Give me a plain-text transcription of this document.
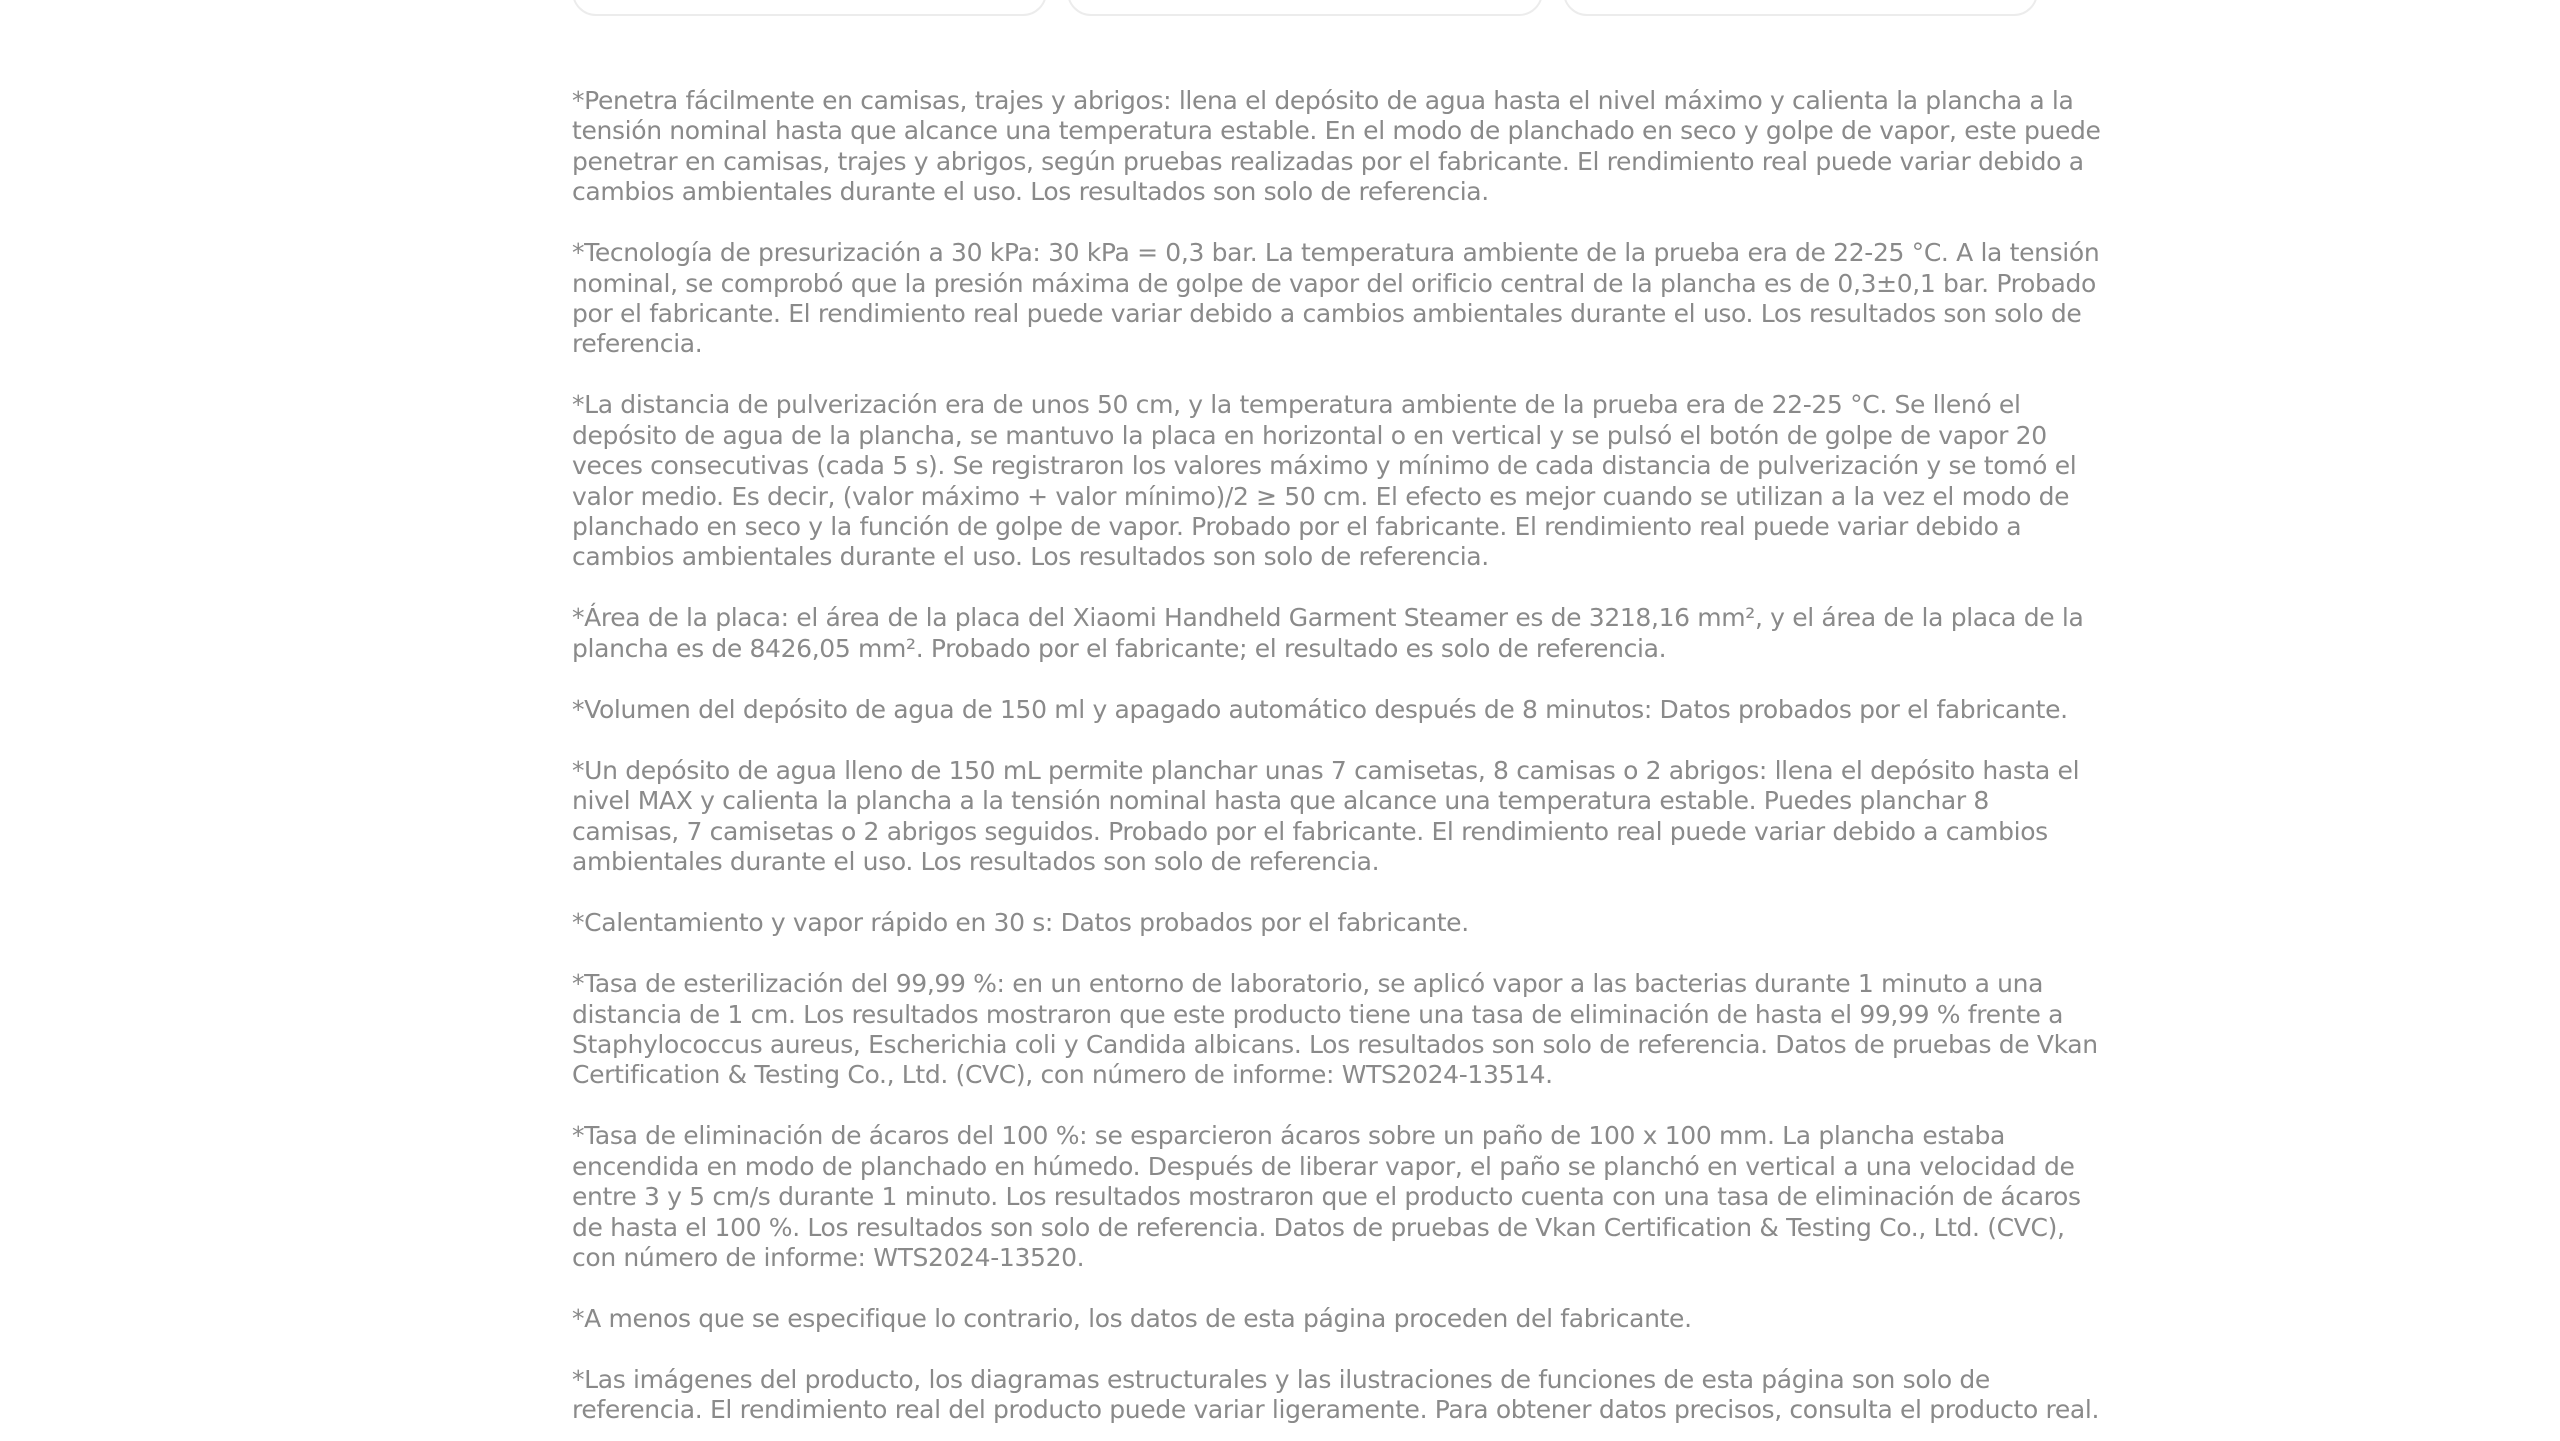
*Penetra fácilmente en camisas, trajes y abrigos: llena el depósito de agua hasta el nivel máximo y calienta la plancha a la tensión nominal hasta que alcance una temperatura estable. En el modo de planchado en seco y golpe de vapor, este puede penetrar en camisas, trajes y abrigos, según pruebas realizadas por el fabricante. El rendimiento real puede variar debido a cambios ambientales durante el uso. Los resultados son solo de referencia.

*Tecnología de presurización a 30 kPa: 30 kPa = 0,3 bar. La temperatura ambiente de la prueba era de 22-25 °C. A la tensión nominal, se comprobó que la presión máxima de golpe de vapor del orificio central de la plancha es de 0,3±0,1 bar. Probado por el fabricante. El rendimiento real puede variar debido a cambios ambientales durante el uso. Los resultados son solo de referencia.

*La distancia de pulverización era de unos 50 cm, y la temperatura ambiente de la prueba era de 22-25 °C. Se llenó el depósito de agua de la plancha, se mantuvo la placa en horizontal o en vertical y se pulsó el botón de golpe de vapor 20 veces consecutivas (cada 5 s). Se registraron los valores máximo y mínimo de cada distancia de pulverización y se tomó el valor medio. Es decir, (valor máximo + valor mínimo)/2 ≥ 50 cm. El efecto es mejor cuando se utilizan a la vez el modo de planchado en seco y la función de golpe de vapor. Probado por el fabricante. El rendimiento real puede variar debido a cambios ambientales durante el uso. Los resultados son solo de referencia.

*Área de la placa: el área de la placa del Xiaomi Handheld Garment Steamer es de 3218,16 mm², y el área de la placa de la plancha es de 8426,05 mm². Probado por el fabricante; el resultado es solo de referencia.

*Volumen del depósito de agua de 150 ml y apagado automático después de 8 minutos: Datos probados por el fabricante.

*Un depósito de agua lleno de 150 mL permite planchar unas 7 camisetas, 8 camisas o 2 abrigos: llena el depósito hasta el nivel MAX y calienta la plancha a la tensión nominal hasta que alcance una temperatura estable. Puedes planchar 8 camisas, 7 camisetas o 2 abrigos seguidos. Probado por el fabricante. El rendimiento real puede variar debido a cambios ambientales durante el uso. Los resultados son solo de referencia.

*Calentamiento y vapor rápido en 30 s: Datos probados por el fabricante.

*Tasa de esterilización del 99,99 %: en un entorno de laboratorio, se aplicó vapor a las bacterias durante 1 minuto a una distancia de 1 cm. Los resultados mostraron que este producto tiene una tasa de eliminación de hasta el 99,99 % frente a Staphylococcus aureus, Escherichia coli y Candida albicans. Los resultados son solo de referencia. Datos de pruebas de Vkan Certification & Testing Co., Ltd. (CVC), con número de informe: WTS2024-13514.

*Tasa de eliminación de ácaros del 100 %: se esparcieron ácaros sobre un paño de 100 x 100 mm. La plancha estaba encendida en modo de planchado en húmedo. Después de liberar vapor, el paño se planchó en vertical a una velocidad de entre 3 y 5 cm/s durante 1 minuto. Los resultados mostraron que el producto cuenta con una tasa de eliminación de ácaros de hasta el 100 %. Los resultados son solo de referencia. Datos de pruebas de Vkan Certification & Testing Co., Ltd. (CVC), con número de informe: WTS2024-13520.

*A menos que se especifique lo contrario, los datos de esta página proceden del fabricante.

*Las imágenes del producto, los diagramas estructurales y las ilustraciones de funciones de esta página son solo de referencia. El rendimiento real del producto puede variar ligeramente. Para obtener datos precisos, consulta el producto real.
